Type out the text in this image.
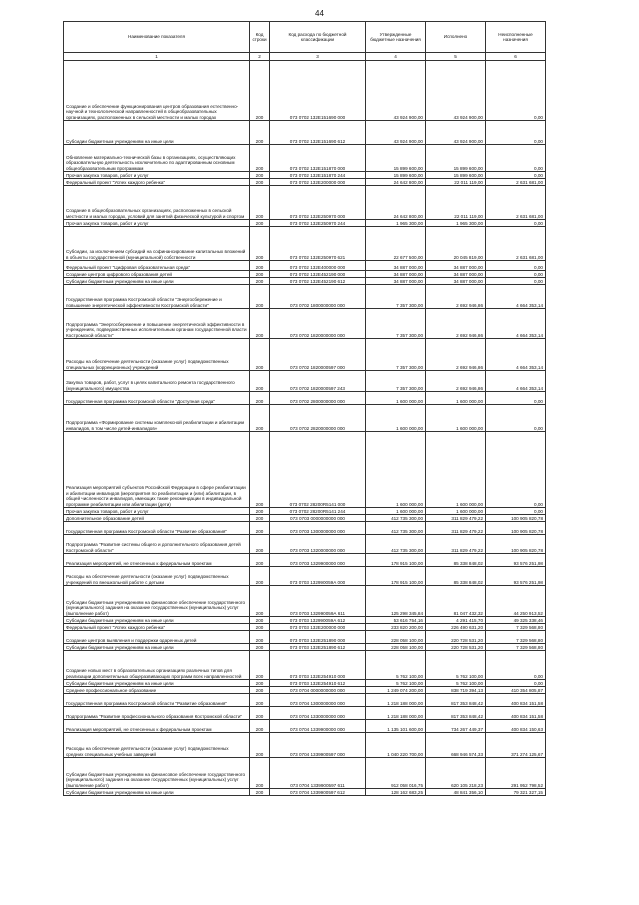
44
Наименование показателя	Код строки	Код расхода по бюджетной классификации	Утвержденные бюджетные назначения	Исполнено	Неисполненные назначения
1	2	3	4	5	6
Создание и обеспечение функционирования центров образования естественно-научной и технологической направленностей в общеобразовательных организациях, расположенных в сельской местности и малых городах	200	073 0702 132E151690 000	43 924 900,00	43 924 900,00	0,00
Субсидии бюджетным учреждениям на иные цели	200	073 0702 132E151690 612	43 924 900,00	43 924 900,00	0,00
Обновление материально-технической базы в организациях, осуществляющих образовательную деятельность исключительно по адаптированным основным общеобразовательным программам	200	073 0702 132E151870 000	15 899 600,00	15 899 600,00	0,00
Прочая закупка товаров, работ и услуг	200	073 0702 132E151870 244	15 899 600,00	15 899 600,00	0,00
Федеральный проект "Успех каждого ребенка"	200	073 0702 132E200000 000	24 642 800,00	22 011 119,00	2 631 681,00
Создание в общеобразовательных организациях, расположенных в сельской местности и малых городах, условий для занятий физической культурой и спортом	200	073 0702 132E250970 000	24 642 800,00	22 011 119,00	2 631 681,00
Прочая закупка товаров, работ и услуг	200	073 0702 132E250970 244	1 965 300,00	1 965 300,00	0,00
Субсидии, за исключением субсидий на софинансирование капитальных вложений в объекты государственной (муниципальной) собственности	200	073 0702 132E250970 621	22 677 500,00	20 045 819,00	2 631 681,00
Федеральный проект "Цифровая образовательная среда"	200	073 0702 132E400000 000	34 887 000,00	34 887 000,00	0,00
Создание центров цифрового образования детей	200	073 0702 132E452190 000	34 887 000,00	34 887 000,00	0,00
Субсидии бюджетным учреждениям на иные цели	200	073 0702 132E452190 612	34 887 000,00	34 887 000,00	0,00
Государственная программа Костромской области "Энергосбережение и повышение энергетической эффективности Костромской области"	200	073 0702 1800000000 000	7 357 300,00	2 692 946,86	4 664 353,14
Подпрограмма "Энергосбережение и повышение энергетической эффективности в учреждениях, подведомственных исполнительным органам государственной власти Костромской области"	200	073 0702 1820000000 000	7 357 300,00	2 692 946,86	4 664 353,14
Расходы на обеспечение деятельности (оказание услуг) подведомственных специальных (коррекционных) учреждений	200	073 0702 1820000597 000	7 357 300,00	2 692 946,86	4 664 353,14
Закупка товаров, работ, услуг в целях капитального ремонта государственного (муниципального) имущества	200	073 0702 1820000597 243	7 357 300,00	2 692 946,86	4 664 353,14
Государственная программа Костромской области "Доступная среда"	200	073 0702 2800000000 000	1 600 000,00	1 600 000,00	0,00
Подпрограмма «Формирование системы комплексной реабилитации и абилитации инвалидов, в том числе детей-инвалидов»	200	073 0702 2820000000 000	1 600 000,00	1 600 000,00	0,00
Реализация мероприятий субъектов Российской Федерации в сфере реабилитации и абилитации инвалидов (мероприятия по реабилитации и (или) абилитации, в общей численности инвалидов, имеющих такие рекомендации в индивидуальной программе реабилитации или абилитации (дети)	200	073 0702 28200R5141 000	1 600 000,00	1 600 000,00	0,00
Прочая закупка товаров, работ и услуг	200	073 0702 28200R5141 244	1 600 000,00	1 600 000,00	0,00
Дополнительное образование детей	200	073 0703 0000000000 000	412 735 300,00	311 829 479,22	100 905 820,78
Государственная программа Костромской области "Развитие образования"	200	073 0703 1300000000 000	412 735 300,00	311 829 479,22	100 905 820,78
Подпрограмма "Развитие системы общего и дополнительного образования детей Костромской области"	200	073 0703 1320000000 000	412 735 300,00	311 829 479,22	100 905 820,78
Реализация мероприятий, не отнесенных к федеральным проектам	200	073 0703 1329900000 000	178 915 100,00	85 338 848,02	93 576 251,98
Расходы на обеспечение деятельности (оказание услуг) подведомственных учреждений по внешкольной работе с детьми	200	073 0703 132990059А 000	178 915 100,00	85 338 848,02	93 576 251,98
Субсидии бюджетным учреждениям на финансовое обеспечение государственного (муниципального) задания на оказание государственных (муниципальных) услуг (выполнение работ)	200	073 0703 132990059А 611	125 298 345,84	81 047 432,32	44 250 913,52
Субсидии бюджетным учреждениям на иные цели	200	073 0703 132990059А 612	53 616 754,16	4 291 415,70	49 325 338,46
Федеральный проект "Успех каждого ребенка"	200	073 0703 132E200000 000	233 820 200,00	226 490 631,20	7 329 568,80
Создание центров выявления и поддержки одаренных детей	200	073 0703 132E251890 000	228 058 100,00	220 728 531,20	7 329 568,80
Субсидии бюджетным учреждениям на иные цели	200	073 0703 132E251890 612	228 058 100,00	220 728 531,20	7 329 568,80
Создание новых мест в образовательных организациях различных типов для реализации дополнительных общеразвивающих программ всех направленностей	200	073 0703 132E254910 000	5 762 100,00	5 762 100,00	0,00
Субсидии бюджетным учреждениям на иные цели	200	073 0703 132E254910 612	5 762 100,00	5 762 100,00	0,00
Среднее профессиональное образование	200	073 0704 0000000000 000	1 249 074 200,00	838 719 394,13	410 354 805,87
Государственная программа Костромской области "Развитие образования"	200	073 0704 1300000000 000	1 218 188 000,00	817 353 848,42	400 834 151,58
Подпрограмма "Развитие профессионального образования Костромской области"	200	073 0704 1330000000 000	1 218 188 000,00	817 353 848,42	400 834 151,58
Реализация мероприятий, не отнесенных к федеральным проектам	200	073 0704 1339900000 000	1 135 101 600,00	734 267 449,37	400 834 150,63
Расходы на обеспечение деятельности (оказание услуг) подведомственных средних специальных учебных заведений	200	073 0704 1339900597 000	1 040 220 700,00	668 946 574,33	371 274 125,67
Субсидии бюджетным учреждениям на финансовое обеспечение государственного (муниципального) задания на оказание государственных (муниципальных) услуг (выполнение работ)	200	073 0704 1339900597 611	912 058 016,75	620 105 218,23	291 952 798,52
Субсидии бюджетным учреждениям на иные цели	200	073 0704 1339900597 612	128 162 683,25	48 841 356,10	79 321 327,15
